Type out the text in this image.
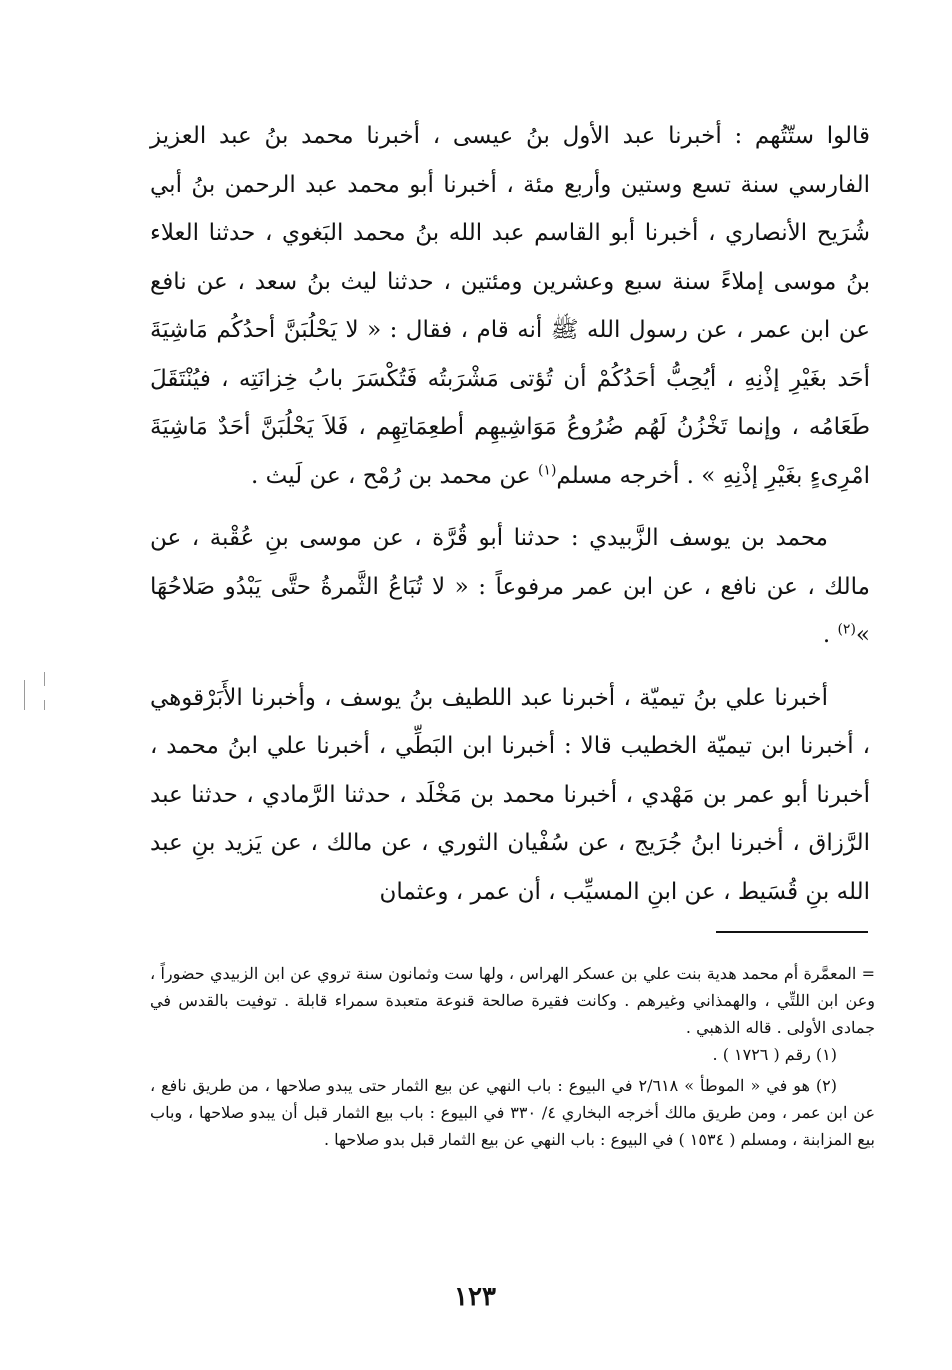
قالوا ستّتُهم : أخبرنا عبد الأول بنُ عيسى ، أخبرنا محمد بنُ عبد العزيز الفارسي سنة تسع وستين وأربع مئة ، أخبرنا أبو محمد عبد الرحمن بنُ أبي شُرَيح الأنصاري ، أخبرنا أبو القاسم عبد الله بنُ محمد البَغوي ، حدثنا العلاء بنُ موسى إملاءً سنة سبع وعشرين ومئتين ، حدثنا ليث بنُ سعد ، عن نافع عن ابن عمر ، عن رسول الله ﷺ أنه قام ، فقال : « لا يَحْلُبَنَّ أحدُكُم مَاشِيَةَ أحَد بغَيْرِ إذْنِهِ ، أيُحِبُّ أحَدُكُمْ أن تُؤتى مَشْرَبتُه فَتُكْسَرَ بابُ خِزانَتِه ، فيُنْتَقَلَ طَعَامُه ، وإنما تَخْزُنُ لَهُم ضُرُوعُ مَوَاشِيهِم أطعِمَاتِهِم ، فَلاَ يَحْلُبَنَّ أحَدٌ مَاشِيَةَ امْرِىءٍ بغَيْرِ إذْنِهِ » . أخرجه مسلم$^{(١)}$ عن محمد بن رُمْح ، عن لَيث .

محمد بن يوسف الزَّبيدي : حدثنا أبو قُرَّة ، عن موسى بنِ عُقْبة ، عن مالك ، عن نافع ، عن ابن عمر مرفوعاً : « لا تُبَاعُ الثَّمرةُ حتَّى يَبْدُو صَلاحُهَا »$^{(٢)}$ .

أخبرنا علي بنُ تيميّة ، أخبرنا عبد اللطيف بنُ يوسف ، وأخبرنا الأَبَرْقوهي ، أخبرنا ابن تيميّة الخطيب قالا : أخبرنا ابن البَطِّي ، أخبرنا علي ابنُ محمد ، أخبرنا أبو عمر بن مَهْدي ، أخبرنا محمد بن مَخْلَد ، حدثنا الرَّمادي ، حدثنا عبد الرَّزاق ، أخبرنا ابنُ جُرَيج ، عن سُفْيان الثوري ، عن مالك ، عن يَزيد بنِ عبد الله بنِ قُسَيط ، عن ابنِ المسيِّب ، أن عمر ، وعثمان

= المعمَّرة أم محمد هدية بنت علي بن عسكر الهراس ، ولها ست وثمانون سنة تروي عن ابن الزبيدي حضوراً ، وعن ابن اللتِّي ، والهمذاني وغيرهم . وكانت فقيرة صالحة قنوعة متعبدة سمراء قابلة . توفيت بالقدس في جمادى الأولى . قاله الذهبي .

(١) رقم ( ١٧٢٦ ) .

(٢) هو في « الموطأ » ٢/٦١٨ في البيوع : باب النهي عن بيع الثمار حتى يبدو صلاحها ، من طريق نافع ، عن ابن عمر ، ومن طريق مالك أخرجه البخاري ٤/ ٣٣٠ في البيوع : باب بيع الثمار قبل أن يبدو صلاحها ، وباب بيع المزابنة ، ومسلم ( ١٥٣٤ ) في البيوع : باب النهي عن بيع الثمار قبل بدو صلاحها .

١٢٣
